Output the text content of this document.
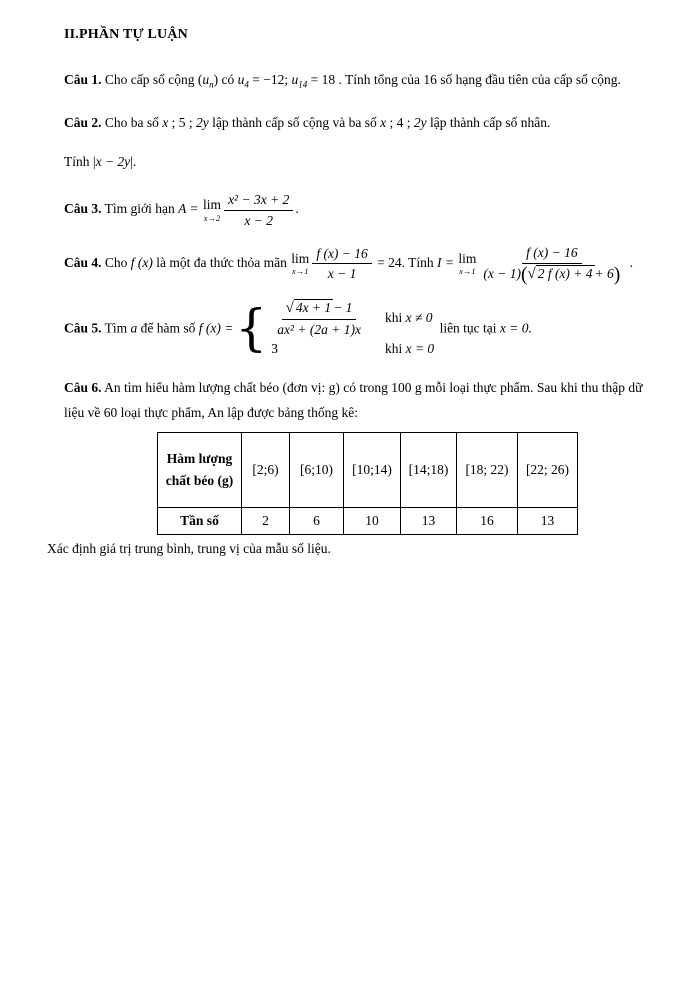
II.PHẦN TỰ LUẬN

Câu 1. Cho cấp số cộng $(u_n)$ có $u_4 = -12$; $u_{14} = 18$ . Tính tổng của 16 số hạng đầu tiên của cấp số cộng.

Câu 2. Cho ba số x ; 5 ; 2y lập thành cấp số cộng và ba số x ; 4 ; 2y lập thành cấp số nhân.

Tính |x − 2y|.

Câu 3. Tìm giới hạn A = lim
$x\to 2 \frac{\text{x² − 3x + 2}}{x - 2}$ .

Câu 4. Cho f (x) là một đa thức thỏa mãn lim
$x\to 1 \frac{f (x) - 16}{x - 1} = 24$. Tính I = lim
$x\to 1 \frac{f (x) - 16}{(x - 1)(√ 2 f (x) + 4 + 6)}$ .

Câu 5. Tìm a để hàm số f (x) = { $\frac{√ 4x + 1 - 1}{\text{ax² + (2a + 1)x}}$ khi x ≠ 0
3	khi x = 0
liên tục tại x = 0.

Câu 6. An tìm hiểu hàm lượng chất béo (đơn vị: g) có trong 100 g mỗi loại thực phẩm. Sau khi thu thập dữ liệu về 60 loại thực phẩm, An lập được bảng thống kê:

Hàm lượng chất béo (g)	[2;6)	[6;10)	[10;14)	[14;18)	[18; 22)	[22; 26)
Tần số	2	6	10	13	16	13

Xác định giá trị trung bình, trung vị của mẫu số liệu.
